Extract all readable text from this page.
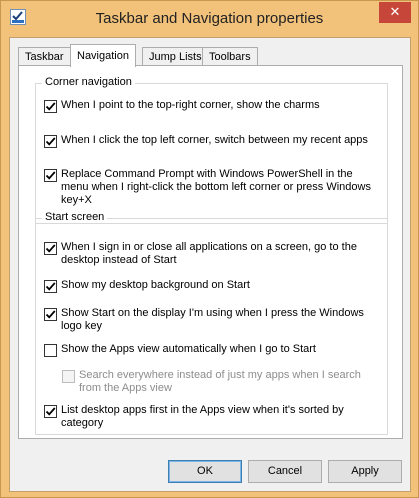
Taskbar and Navigation properties	✕
Taskbar	Navigation	Jump Lists Toolbars
Corner navigation
When I point to the top-right corner, show the charms
When I click the top left corner, switch between my recent apps
Replace Command Prompt with Windows PowerShell in the menu when I right-click the bottom left corner or press Windows key+X
Start screen
When I sign in or close all applications on a screen, go to the desktop instead of Start
Show my desktop background on Start
Show Start on the display I'm using when I press the Windows logo key
Show the Apps view automatically when I go to Start
Search everywhere instead of just my apps when I search from the Apps view
List desktop apps first in the Apps view when it's sorted by category
OK	Cancel	Apply
